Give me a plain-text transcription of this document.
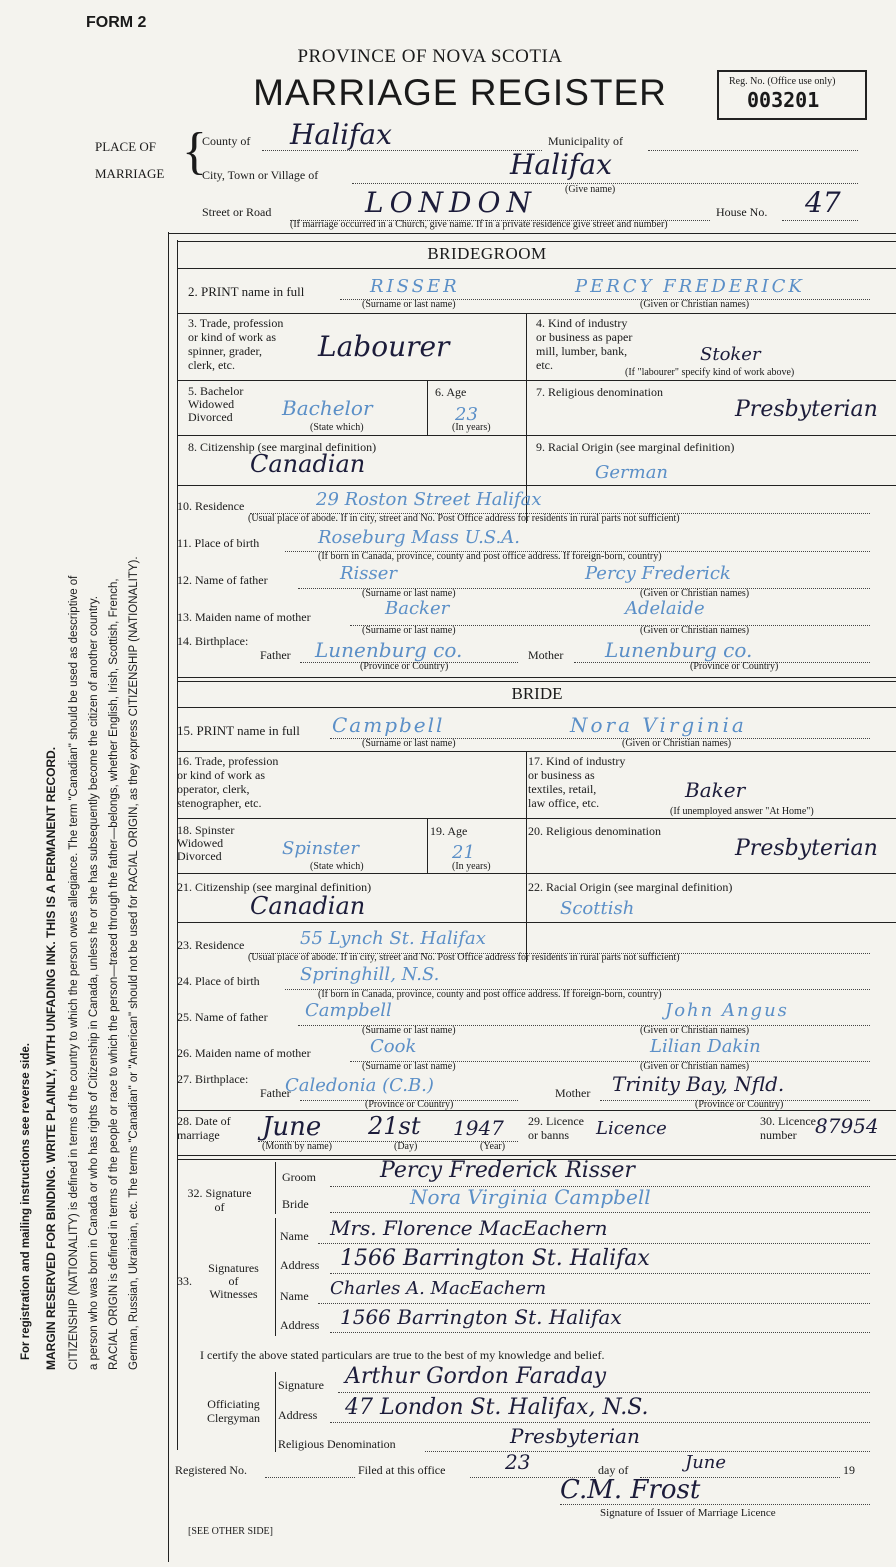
FORM 2
PROVINCE OF NOVA SCOTIA
MARRIAGE REGISTER	Reg. No. (Office use only)
003201
For registration and mailing instructions see reverse side.	MARGIN RESERVED FOR BINDING. WRITE PLAINLY, WITH UNFADING INK. THIS IS A PERMANENT RECORD. CITIZENSHIP (NATIONALITY) is defined in terms of the country to which the person owes allegiance. The term "Canadian" should be used as descriptive of a person who was born in Canada or who has rights of Citizenship in Canada, unless he or she has subsequently become the citizen of another country. RACIAL ORIGIN is defined in terms of the people or race to which the person—traced through the father—belongs, whether English, Irish, Scottish, French, German, Russian, Ukrainian, etc. The terms "Canadian" or "American" should not be used for RACIAL ORIGIN, as they express CITIZENSHIP (NATIONALITY).
PLACE OF
MARRIAGE {
County of Halifax	Municipality of
City, Town or Village of	Halifax
(Give name)
Street or Road	LONDON	House No. 47
(If marriage occurred in a Church, give name. If in a private residence give street and number)
BRIDEGROOM
2. PRINT name in full	RISSER	PERCY FREDERICK
(Surname or last name)	(Given or Christian names)
3. Trade, profession
or kind of work as
spinner, grader,
clerk, etc.
Labourer
4. Kind of industry
or business as paper
mill, lumber, bank,
etc.	Stoker
(If "labourer" specify kind of work above)
5. Bachelor
Widowed
Divorced	Bachelor
(State which)
6. Age
23
(In years)
7. Religious denomination
Presbyterian
8. Citizenship (see marginal definition)
Canadian
9. Racial Origin (see marginal definition)
German
10. Residence	29 Roston Street Halifax
(Usual place of abode. If in city, street and No. Post Office address for residents in rural parts not sufficient)
11. Place of birth	Roseburg Mass U.S.A.
(If born in Canada, province, county and post office address. If foreign-born, country)
12. Name of father	Risser	Percy Frederick
(Surname or last name)	(Given or Christian names)
13. Maiden name of mother	Backer	Adelaide
(Surname or last name)	(Given or Christian names)
14. Birthplace:
Father Lunenburg co.	Mother Lunenburg co.
(Province or Country)	(Province or Country)
BRIDE
15. PRINT name in full Campbell	Nora Virginia
(Surname or last name)	(Given or Christian names)
16. Trade, profession
or kind of work as
operator, clerk,
stenographer, etc.
17. Kind of industry
or business as
textiles, retail,
law office, etc.
Baker
(If unemployed answer "At Home")
18. Spinster
Widowed
Divorced	Spinster
(State which)
19. Age
21
(In years)
20. Religious denomination
Presbyterian
21. Citizenship (see marginal definition)
Canadian
22. Racial Origin (see marginal definition)
Scottish
23. Residence	55 Lynch St. Halifax
(Usual place of abode. If in city, street and No. Post Office address for residents in rural parts not sufficient)
24. Place of birth Springhill, N.S.
(If born in Canada, province, county and post office address. If foreign-born, country)
25. Name of father Campbell	John Angus
(Surname or last name)	(Given or Christian names)
26. Maiden name of mother	Cook	Lilian Dakin
(Surname or last name)	(Given or Christian names)
27. Birthplace:
Father
Caledonia (C.B.)	Mother Trinity Bay, Nfld.
(Province or Country)	(Province or Country)
28. Date of
marriage	June 21st 1947
(Month by name)	(Day)	(Year)
29. Licence
or banns	Licence	30. Licence
number 87954
32. Signature
of
Groom	Percy Frederick Risser
Bride	Nora Virginia Campbell
33.
Signatures
of
Witnesses
Name Mrs. Florence MacEachern
Address 1566 Barrington St. Halifax
Name Charles A. MacEachern
Address 1566 Barrington St. Halifax
I certify the above stated particulars are true to the best of my knowledge and belief.
Officiating
Clergyman
Signature Arthur Gordon Faraday
Address 47 London St. Halifax, N.S.
Religious Denomination	Presbyterian
Registered No.	Filed at this office	23	day of	June	19
C.M. Frost
Signature of Issuer of Marriage Licence
[SEE OTHER SIDE]
